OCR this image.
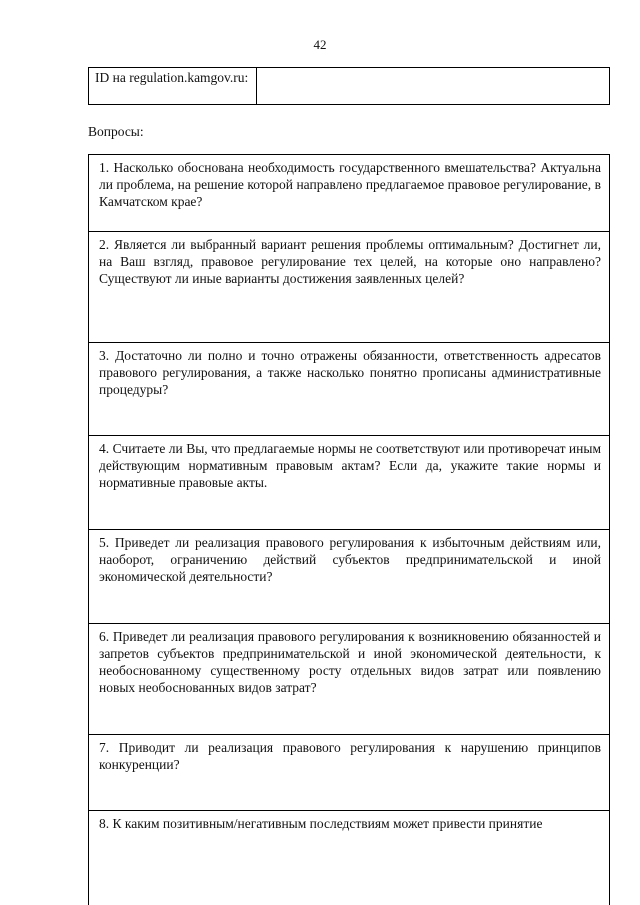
42
ID на regulation.kamgov.ru:
Вопросы:

1. Насколько обоснована необходимость государственного вмешательства? Актуальна ли проблема, на решение которой направлено предлагаемое правовое регулирование, в Камчатском крае?

2. Является ли выбранный вариант решения проблемы оптимальным? Достигнет ли, на Ваш взгляд, правовое регулирование тех целей, на которые оно направлено? Существуют ли иные варианты достижения заявленных целей?

3. Достаточно ли полно и точно отражены обязанности, ответственность адресатов правового регулирования, а также насколько понятно прописаны административные процедуры?

4. Считаете ли Вы, что предлагаемые нормы не соответствуют или противоречат иным действующим нормативным правовым актам? Если да, укажите такие нормы и нормативные правовые акты.

5. Приведет ли реализация правового регулирования к избыточным действиям или, наоборот, ограничению действий субъектов предпринимательской и иной экономической деятельности?

6. Приведет ли реализация правового регулирования к возникновению обязанностей и запретов субъектов предпринимательской и иной экономической деятельности, к необоснованному существенному росту отдельных видов затрат или появлению новых необоснованных видов затрат?

7. Приводит ли реализация правового регулирования к нарушению принципов конкуренции?

8. К каким позитивным/негативным последствиям может привести принятие
